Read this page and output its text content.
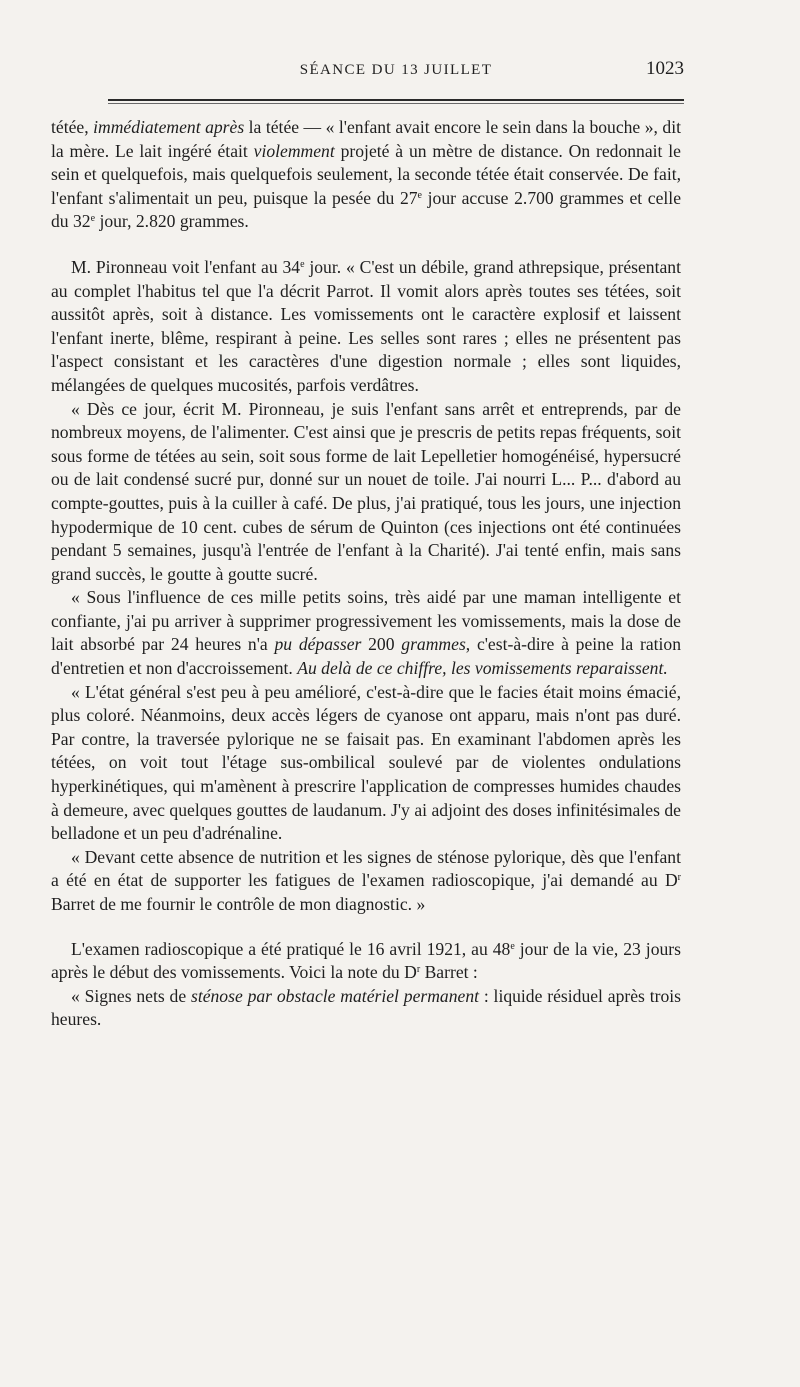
SÉANCE DU 13 JUILLET	1023

tétée, immédiatement après la tétée — « l'enfant avait encore le sein dans la bouche », dit la mère. Le lait ingéré était violemment projeté à un mètre de distance. On redonnait le sein et quelquefois, mais quelquefois seulement, la seconde tétée était conservée. De fait, l'enfant s'alimentait un peu, puisque la pesée du 27e jour accuse 2.700 grammes et celle du 32e jour, 2.820 grammes.

M. Pironneau voit l'enfant au 34e jour. « C'est un débile, grand athrepsique, présentant au complet l'habitus tel que l'a décrit Parrot. Il vomit alors après toutes ses tétées, soit aussitôt après, soit à distance. Les vomissements ont le caractère explosif et laissent l'enfant inerte, blême, respirant à peine. Les selles sont rares ; elles ne présentent pas l'aspect consistant et les caractères d'une digestion normale ; elles sont liquides, mélangées de quelques mucosités, parfois verdâtres.

« Dès ce jour, écrit M. Pironneau, je suis l'enfant sans arrêt et entreprends, par de nombreux moyens, de l'alimenter. C'est ainsi que je prescris de petits repas fréquents, soit sous forme de tétées au sein, soit sous forme de lait Lepelletier homogénéisé, hypersucré ou de lait condensé sucré pur, donné sur un nouet de toile. J'ai nourri L... P... d'abord au compte-gouttes, puis à la cuiller à café. De plus, j'ai pratiqué, tous les jours, une injection hypodermique de 10 cent. cubes de sérum de Quinton (ces injections ont été continuées pendant 5 semaines, jusqu'à l'entrée de l'enfant à la Charité). J'ai tenté enfin, mais sans grand succès, le goutte à goutte sucré.

« Sous l'influence de ces mille petits soins, très aidé par une maman intelligente et confiante, j'ai pu arriver à supprimer progressivement les vomissements, mais la dose de lait absorbé par 24 heures n'a pu dépasser 200 grammes, c'est-à-dire à peine la ration d'entretien et non d'accroissement. Au delà de ce chiffre, les vomissements reparaissent.

« L'état général s'est peu à peu amélioré, c'est-à-dire que le facies était moins émacié, plus coloré. Néanmoins, deux accès légers de cyanose ont apparu, mais n'ont pas duré. Par contre, la traversée pylorique ne se faisait pas. En examinant l'abdomen après les tétées, on voit tout l'étage sus-ombilical soulevé par de violentes ondulations hyperkinétiques, qui m'amènent à prescrire l'application de compresses humides chaudes à demeure, avec quelques gouttes de laudanum. J'y ai adjoint des doses infinitésimales de belladone et un peu d'adrénaline.

« Devant cette absence de nutrition et les signes de sténose pylorique, dès que l'enfant a été en état de supporter les fatigues de l'examen radioscopique, j'ai demandé au $D^r$ Barret de me fournir le contrôle de mon diagnostic. »

L'examen radioscopique a été pratiqué le 16 avril 1921, au 48e jour de la vie, 23 jours après le début des vomissements. Voici la note du $D^r$ Barret :

« Signes nets de sténose par obstacle matériel permanent : liquide résiduel après trois heures.
